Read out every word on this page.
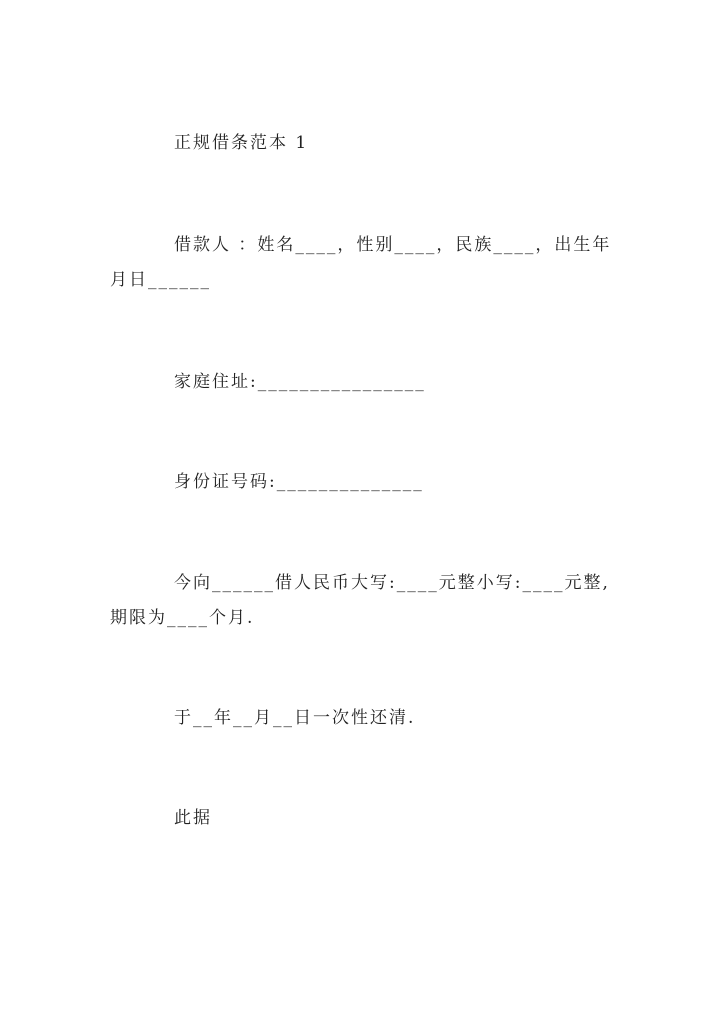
正规借条范本 1
借款人 ：姓名____，性别____，民族____，出生年
月日______
家庭住址:________________
身份证号码:______________
今向______借人民币大写:____元整小写:____元整,
期限为____个月.
于__年__月__日一次性还清.
此据
